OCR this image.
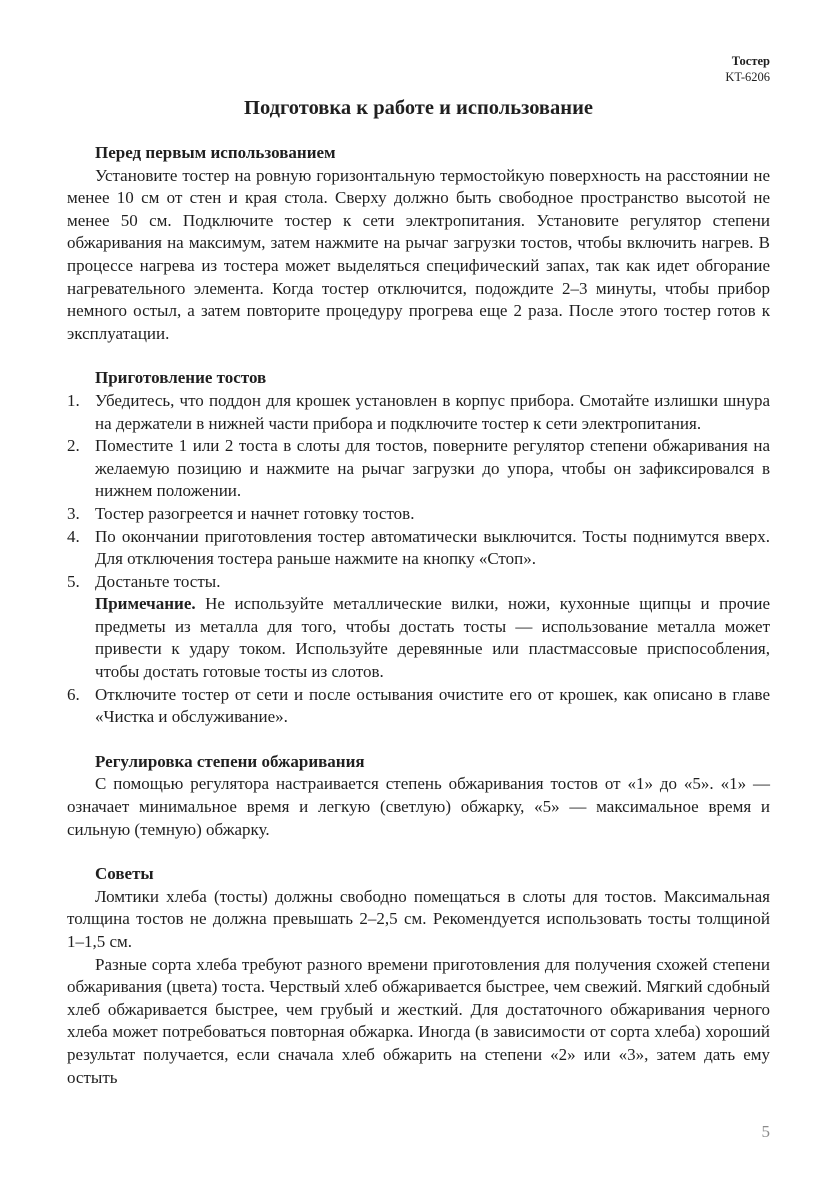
Тостер
KT-6206
Подготовка к работе и использование
Перед первым использованием

Установите тостер на ровную горизонтальную термостойкую поверхность на расстоянии не менее 10 см от стен и края стола. Сверху должно быть свободное пространство высотой не менее 50 см. Подключите тостер к сети электропитания. Установите регулятор степени обжаривания на максимум, затем нажмите на рычаг загрузки тостов, чтобы включить нагрев. В процессе нагрева из тостера может выделяться специфический запах, так как идет обгорание нагревательного элемента. Когда тостер отключится, подождите 2–3 минуты, чтобы прибор немного остыл, а затем повторите процедуру прогрева еще 2 раза. После этого тостер готов к эксплуатации.

Приготовление тостов
1. Убедитесь, что поддон для крошек установлен в корпус прибора. Смотайте излишки шнура на держатели в нижней части прибора и подключите тостер к сети электропитания.
2. Поместите 1 или 2 тоста в слоты для тостов, поверните регулятор степени обжаривания на желаемую позицию и нажмите на рычаг загрузки до упора, чтобы он зафиксировался в нижнем положении.
3. Тостер разогреется и начнет готовку тостов.
4. По окончании приготовления тостер автоматически выключится. Тосты поднимутся вверх. Для отключения тостера раньше нажмите на кнопку «Стоп».
5. Достаньте тосты.
Примечание. Не используйте металлические вилки, ножи, кухонные щипцы и прочие предметы из металла для того, чтобы достать тосты — использование металла может привести к удару током. Используйте деревянные или пластмассовые приспособления, чтобы достать готовые тосты из слотов.
6. Отключите тостер от сети и после остывания очистите его от крошек, как описано в главе «Чистка и обслуживание».
Регулировка степени обжаривания

С помощью регулятора настраивается степень обжаривания тостов от «1» до «5». «1» — означает минимальное время и легкую (светлую) обжарку, «5» — максимальное время и сильную (темную) обжарку.

Советы

Ломтики хлеба (тосты) должны свободно помещаться в слоты для тостов. Максимальная толщина тостов не должна превышать 2–2,5 см. Рекомендуется использовать тосты толщиной 1–1,5 см.

Разные сорта хлеба требуют разного времени приготовления для получения схожей степени обжаривания (цвета) тоста. Черствый хлеб обжаривается быстрее, чем свежий. Мягкий сдобный хлеб обжаривается быстрее, чем грубый и жесткий. Для достаточного обжаривания черного хлеба может потребоваться повторная обжарка. Иногда (в зависимости от сорта хлеба) хороший результат получается, если сначала хлеб обжарить на степени «2» или «3», затем дать ему остыть

5
